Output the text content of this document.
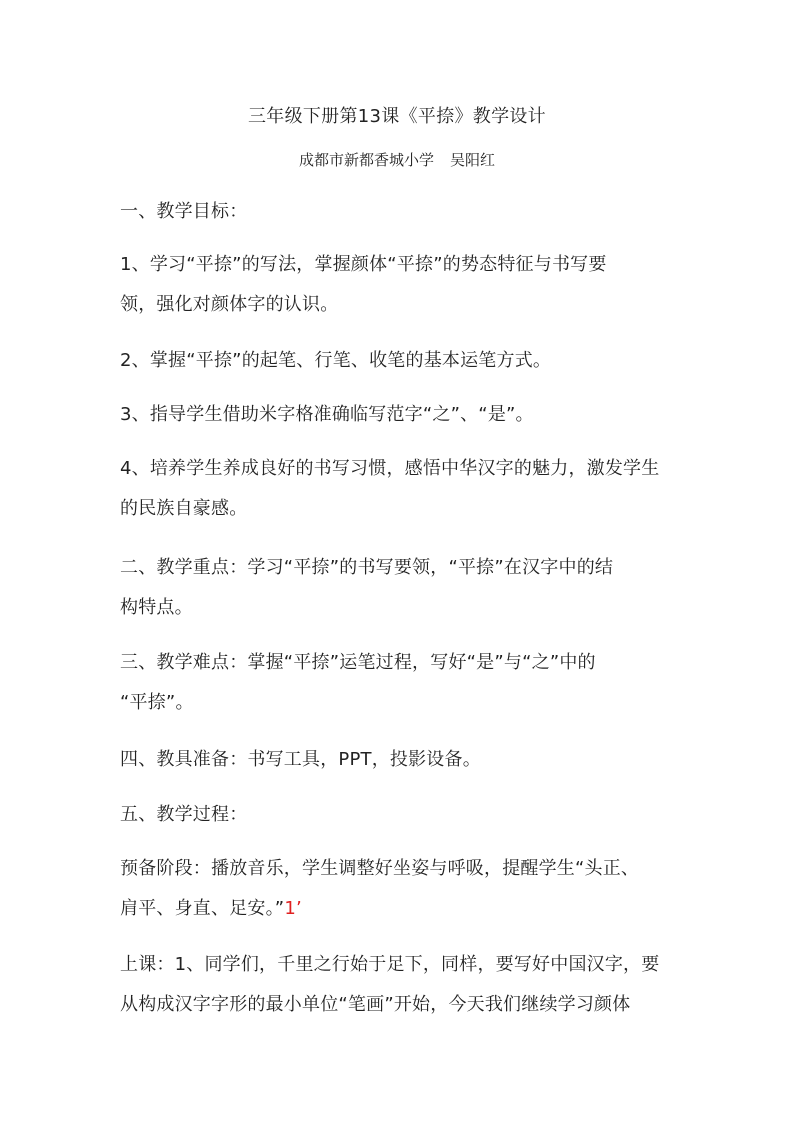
三年级下册第13课《平捺》教学设计
成都市新都香城小学 吴阳红
一、教学目标：
1、学习“平捺”的写法，掌握颜体“平捺”的势态特征与书写要
领，强化对颜体字的认识。
2、掌握“平捺”的起笔、行笔、收笔的基本运笔方式。
3、指导学生借助米字格准确临写范字“之”、“是”。
4、培养学生养成良好的书写习惯，感悟中华汉字的魅力，激发学生
的民族自豪感。
二、教学重点：学习“平捺”的书写要领，“平捺”在汉字中的结
构特点。
三、教学难点：掌握“平捺”运笔过程，写好“是”与“之”中的
“平捺”。
四、教具准备：书写工具，PPT，投影设备。
五、教学过程：
预备阶段：播放音乐，学生调整好坐姿与呼吸，提醒学生“头正、
肩平、身直、足安。”1’
上课：1、同学们，千里之行始于足下，同样，要写好中国汉字，要
从构成汉字字形的最小单位“笔画”开始，今天我们继续学习颜体
